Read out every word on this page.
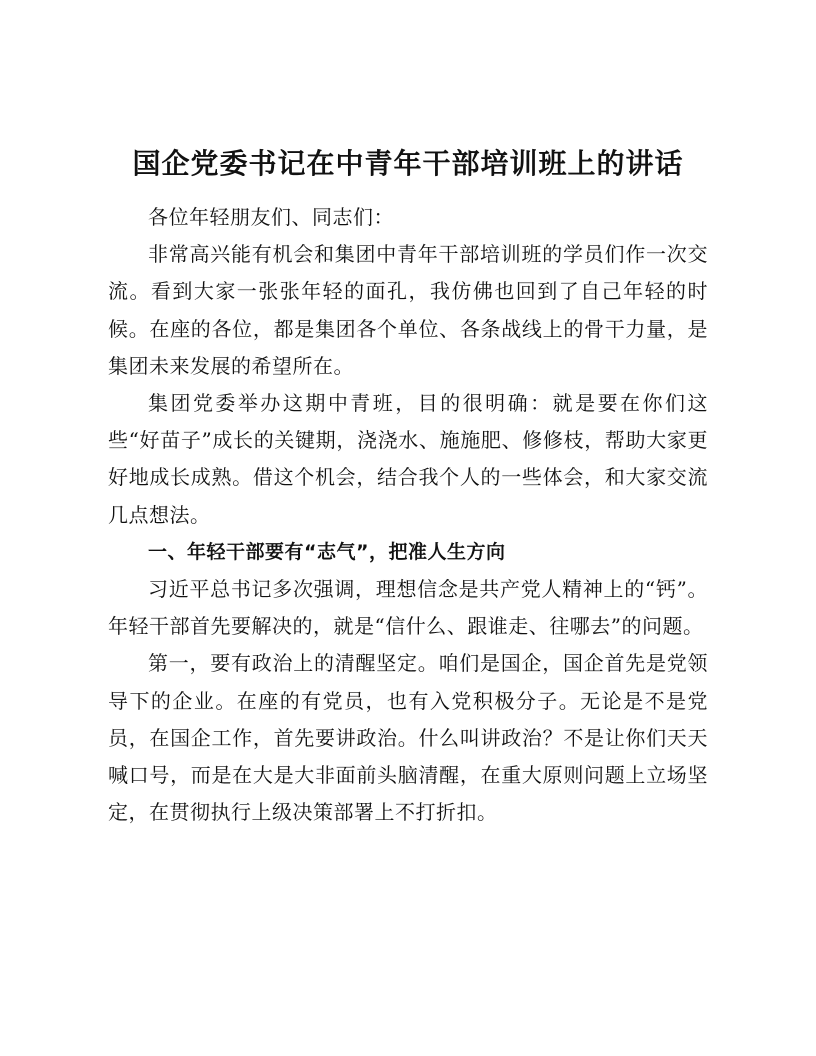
国企党委书记在中青年干部培训班上的讲话

各位年轻朋友们、同志们：

非常高兴能有机会和集团中青年干部培训班的学员们作一次交流。看到大家一张张年轻的面孔，我仿佛也回到了自己年轻的时候。在座的各位，都是集团各个单位、各条战线上的骨干力量，是集团未来发展的希望所在。

集团党委举办这期中青班，目的很明确：就是要在你们这些“好苗子”成长的关键期，浇浇水、施施肥、修修枝，帮助大家更好地成长成熟。借这个机会，结合我个人的一些体会，和大家交流几点想法。

一、年轻干部要有“志气”，把准人生方向

习近平总书记多次强调，理想信念是共产党人精神上的“钙”。年轻干部首先要解决的，就是“信什么、跟谁走、往哪去”的问题。

第一，要有政治上的清醒坚定。咱们是国企，国企首先是党领导下的企业。在座的有党员，也有入党积极分子。无论是不是党员，在国企工作，首先要讲政治。什么叫讲政治？不是让你们天天喊口号，而是在大是大非面前头脑清醒，在重大原则问题上立场坚定，在贯彻执行上级决策部署上不打折扣。
